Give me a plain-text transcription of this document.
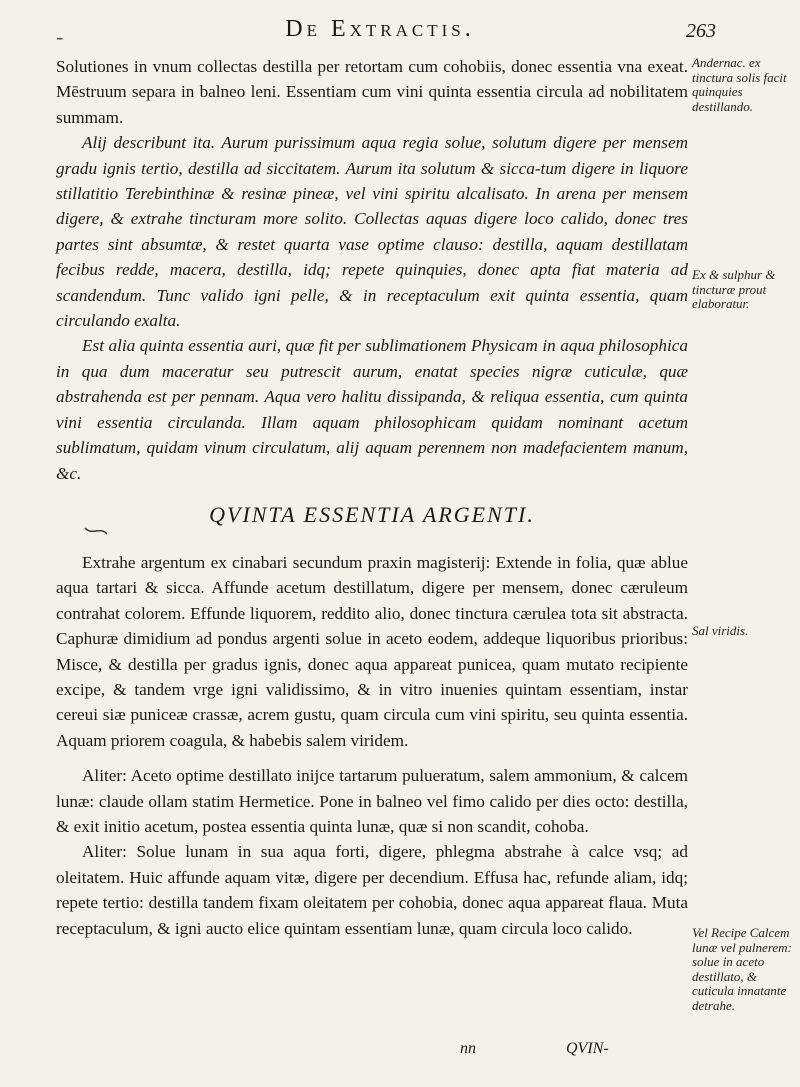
-	De Extractis.	263

Solutiones in vnum collectas destilla per retortam cum cohobiis, donec essentia vna exeat. Mēstruum separa in balneo leni. Essentiam cum vini quinta essentia circula ad nobilitatem summam.

Alij describunt ita. Aurum purissimum aqua regia solue, solutum digere per mensem gradu ignis tertio, destilla ad siccitatem. Aurum ita solutum & sicca-tum digere in liquore stillatitio Terebinthinæ & resinæ pineæ, vel vini spiritu alcalisato. In arena per mensem digere, & extrahe tincturam more solito. Collectas aquas digere loco calido, donec tres partes sint absumtæ, & restet quarta vase optime clauso: destilla, aquam destillatam fecibus redde, macera, destilla, idq; repete quinquies, donec apta fiat materia ad scandendum. Tunc valido igni pelle, & in receptaculum exit quinta essentia, quam circulando exalta.

Est alia quinta essentia auri, quæ fit per sublimationem Physicam in aqua philosophica in qua dum maceratur seu putrescit aurum, enatat species nigræ cuticulæ, quæ abstrahenda est per pennam. Aqua vero halitu dissipanda, & reliqua essentia, cum quinta vini essentia circulanda. Illam aquam philosophicam quidam nominant acetum sublimatum, quidam vinum circulatum, alij aquam perennem non madefacientem manum, &c.

QVINTA ESSENTIA ARGENTI.

Extrahe argentum ex cinabari secundum praxin magisterij: Extende in folia, quæ ablue aqua tartari & sicca. Affunde acetum destillatum, digere per mensem, donec cæruleum contrahat colorem. Effunde liquorem, reddito alio, donec tinctura cærulea tota sit abstracta. Caphuræ dimidium ad pondus argenti solue in aceto eodem, addeque liquoribus prioribus: Misce, & destilla per gradus ignis, donec aqua appareat punicea, quam mutato recipiente excipe, & tandem vrge igni validissimo, & in vitro inuenies quintam essentiam, instar cereui siæ puniceæ crassæ, acrem gustu, quam circula cum vini spiritu, seu quinta essentia. Aquam priorem coagula, & habebis salem viridem.

Aliter: Aceto optime destillato inijce tartarum pulueratum, salem ammonium, & calcem lunæ: claude ollam statim Hermetice. Pone in balneo vel fimo calido per dies octo: destilla, & exit initio acetum, postea essentia quinta lunæ, quæ si non scandit, cohoba.

Aliter: Solue lunam in sua aqua forti, digere, phlegma abstrahe à calce vsq; ad oleitatem. Huic affunde aquam vitæ, digere per decendium. Effusa hac, refunde aliam, idq; repete tertio: destilla tandem fixam oleitatem per cohobia, donec aqua appareat flaua. Muta receptaculum, & igni aucto elice quintam essentiam lunæ, quam circula loco calido.

Andernac. ex tinctura solis facit quinquies destillando.
Ex & sulphur & tincturæ prout elaboratur.
Sal viridis.
Vel Recipe Calcem lunæ vel pulnerem: solue in aceto destillato, & cuticula innatante detrahe.
nn	QVIN-
